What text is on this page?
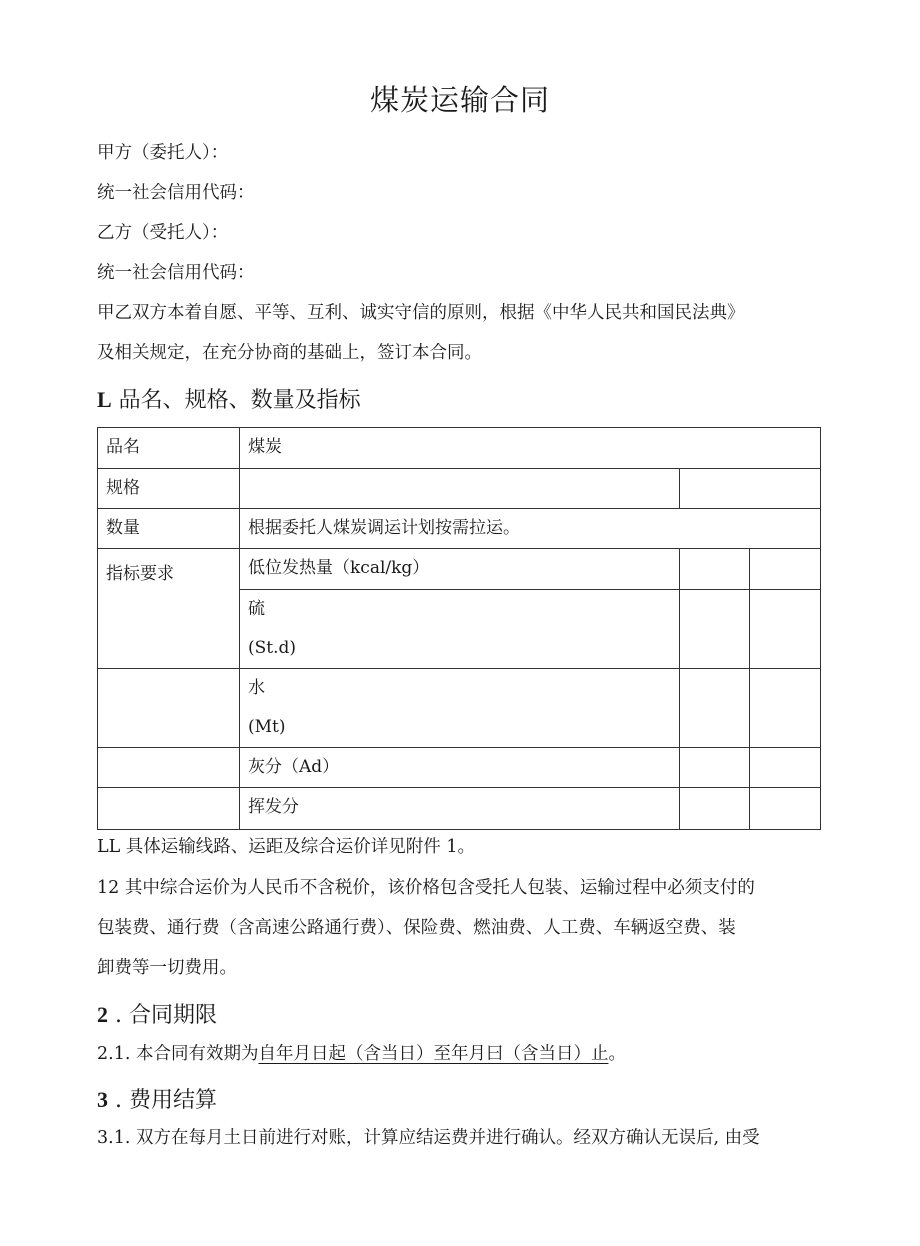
煤炭运输合同
甲方（委托人）：
统一社会信用代码：
乙方（受托人）：
统一社会信用代码：
甲乙双方本着自愿、平等、互利、诚实守信的原则，根据《中华人民共和国民法典》
及相关规定，在充分协商的基础上，签订本合同。
L 品名、规格、数量及指标
品名	煤炭		
规格			
数量	根据委托人煤炭调运计划按需拉运。		
指标要求	低位发热量（kcal/kg）		

	硫
(St.d)		

	水
(Mt)		

	灰分（Ad）		
	挥发分		
LL 具体运输线路、运距及综合运价详见附件 1。
12 其中综合运价为人民币不含税价，该价格包含受托人包装、运输过程中必须支付的
包装费、通行费（含高速公路通行费）、保险费、燃油费、人工费、车辆返空费、装
卸费等一切费用。
2 . 合同期限
2.1. 本合同有效期为自年月日起（含当日）至年月曰（含当日）止。
3 . 费用结算
3.1. 双方在每月土日前进行对账，计算应结运费并进行确认。经双方确认无误后, 由受
